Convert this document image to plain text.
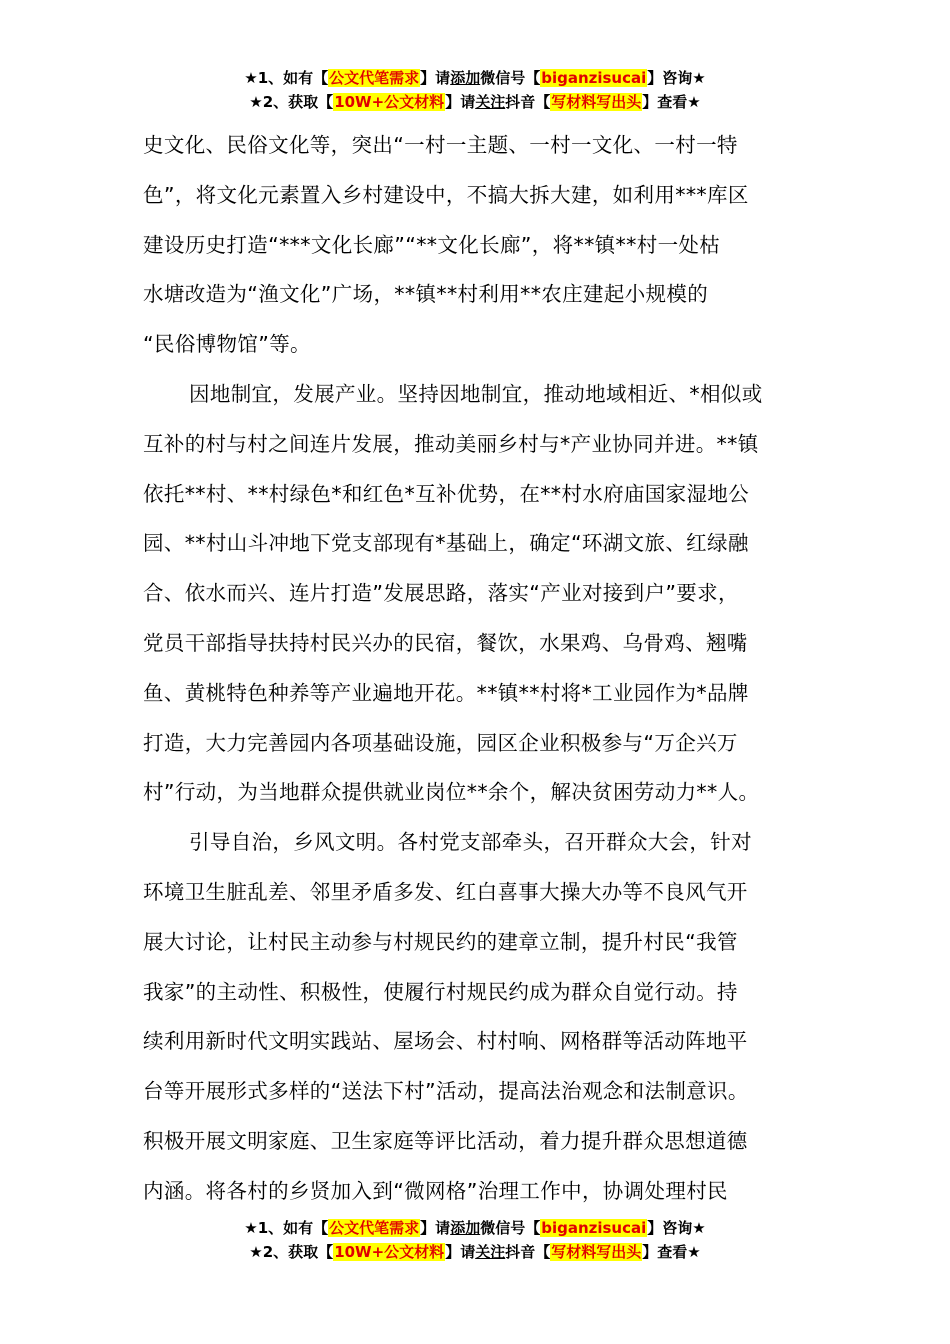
★1、如有【公文代笔需求】请添加微信号【biganzisucai】咨询★
★2、获取【10W+公文材料】请关注抖音【写材料写出头】查看★
史文化、民俗文化等，突出“一村一主题、一村一文化、一村一特
色”，将文化元素置入乡村建设中，不搞大拆大建，如利用***库区
建设历史打造“***文化长廊”“**文化长廊”，将**镇**村一处枯
水塘改造为“渔文化”广场，**镇**村利用**农庄建起小规模的
“民俗博物馆”等。
因地制宜，发展产业。坚持因地制宜，推动地域相近、*相似或
互补的村与村之间连片发展，推动美丽乡村与*产业协同并进。**镇
依托**村、**村绿色*和红色*互补优势，在**村水府庙国家湿地公
园、**村山斗冲地下党支部现有*基础上，确定“环湖文旅、红绿融
合、依水而兴、连片打造”发展思路，落实“产业对接到户”要求，
党员干部指导扶持村民兴办的民宿，餐饮，水果鸡、乌骨鸡、翘嘴
鱼、黄桃特色种养等产业遍地开花。**镇**村将*工业园作为*品牌
打造，大力完善园内各项基础设施，园区企业积极参与“万企兴万
村”行动，为当地群众提供就业岗位**余个，解决贫困劳动力**人。
引导自治，乡风文明。各村党支部牵头，召开群众大会，针对
环境卫生脏乱差、邻里矛盾多发、红白喜事大操大办等不良风气开
展大讨论，让村民主动参与村规民约的建章立制，提升村民“我管
我家”的主动性、积极性，使履行村规民约成为群众自觉行动。持
续利用新时代文明实践站、屋场会、村村响、网格群等活动阵地平
台等开展形式多样的“送法下村”活动，提高法治观念和法制意识。
积极开展文明家庭、卫生家庭等评比活动，着力提升群众思想道德
内涵。将各村的乡贤加入到“微网格”治理工作中，协调处理村民
★1、如有【公文代笔需求】请添加微信号【biganzisucai】咨询★
★2、获取【10W+公文材料】请关注抖音【写材料写出头】查看★
